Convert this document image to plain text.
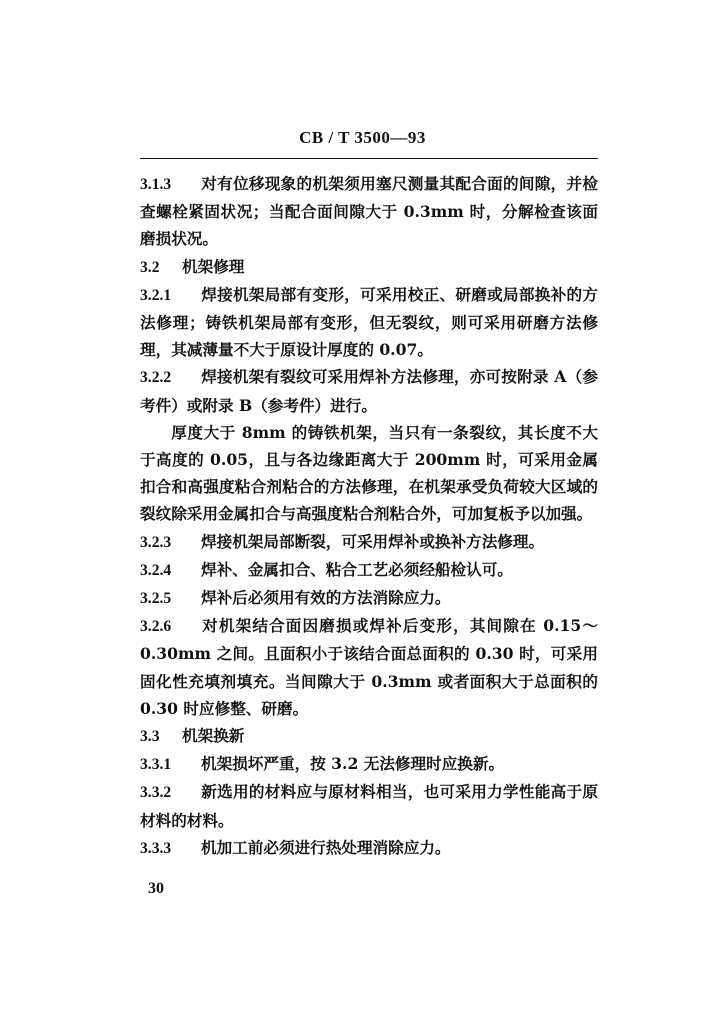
CB / T 3500—93

3.1.3 对有位移现象的机架须用塞尺测量其配合面的间隙，并检查螺栓紧固状况；当配合面间隙大于 0.3mm 时，分解检查该面磨损状况。

3.2 机架修理

3.2.1 焊接机架局部有变形，可采用校正、研磨或局部换补的方法修理；铸铁机架局部有变形，但无裂纹，则可采用研磨方法修理，其减薄量不大于原设计厚度的 0.07。

3.2.2 焊接机架有裂纹可采用焊补方法修理，亦可按附录 A（参考件）或附录 B（参考件）进行。

厚度大于 8mm 的铸铁机架，当只有一条裂纹，其长度不大于高度的 0.05，且与各边缘距离大于 200mm 时，可采用金属扣合和高强度粘合剂粘合的方法修理，在机架承受负荷较大区域的裂纹除采用金属扣合与高强度粘合剂粘合外，可加复板予以加强。

3.2.3 焊接机架局部断裂，可采用焊补或换补方法修理。

3.2.4 焊补、金属扣合、粘合工艺必须经船检认可。

3.2.5 焊补后必须用有效的方法消除应力。

3.2.6 对机架结合面因磨损或焊补后变形，其间隙在 0.15～0.30mm 之间。且面积小于该结合面总面积的 0.30 时，可采用固化性充填剂填充。当间隙大于 0.3mm 或者面积大于总面积的 0.30 时应修整、研磨。

3.3 机架换新

3.3.1 机架损坏严重，按 3.2 无法修理时应换新。

3.3.2 新选用的材料应与原材料相当，也可采用力学性能高于原材料的材料。

3.3.3 机加工前必须进行热处理消除应力。

30
